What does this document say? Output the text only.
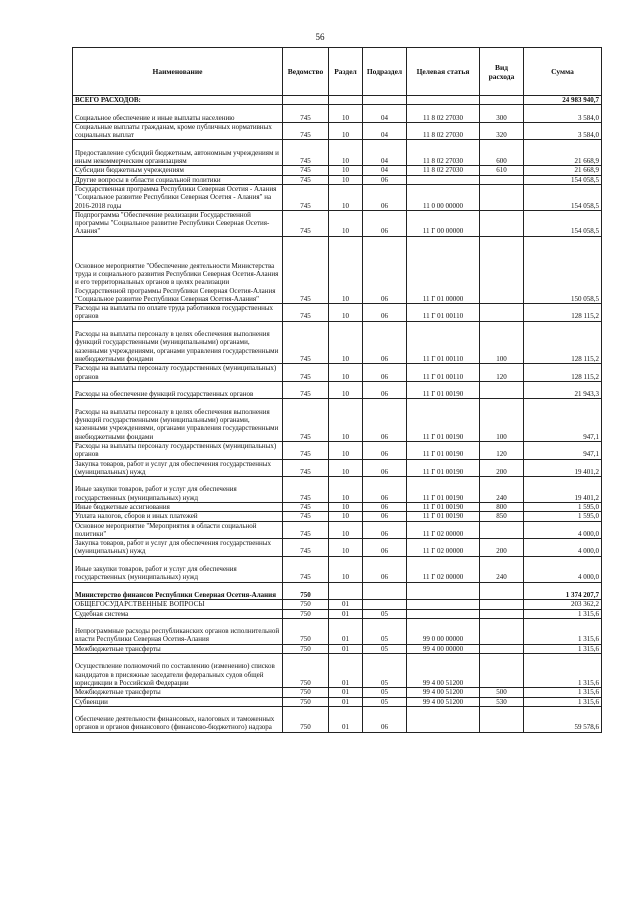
56
Наименование	Ведомство	Раздел	Подраздел	Целевая статья	Вид расхода	Сумма
ВСЕГО РАСХОДОВ:						24 983 940,7
Социальное обеспечение и иные выплаты населению	745	10	04	11 8 02 27030	300	3 584,0
Социальные выплаты гражданам, кроме публичных нормативных социальных выплат	745	10	04	11 8 02 27030	320	3 584,0
Предоставление субсидий бюджетным, автономным учреждениям и иным некоммерческим организациям	745	10	04	11 8 02 27030	600	21 668,9
Субсидии бюджетным учреждениям	745	10	04	11 8 02 27030	610	21 668,9
Другие вопросы в области социальной политики	745	10	06			154 058,5
Государственная программа Республики Северная Осетия - Алания "Социальное развитие Республики Северная Осетия - Алания" на 2016-2018 годы	745	10	06	11 0 00 00000		154 058,5
Подпрограмма "Обеспечение реализации Государственной программы "Социальное развитие Республики Северная Осетия-Алания"	745	10	06	11 Г 00 00000		154 058,5
Основное мероприятие "Обеспечение деятельности Министерства труда и социального развития Республики Северная Осетия-Алания и его территориальных органов в целях реализации Государственной программы Республики Северная Осетия-Алания "Социальное развитие Республики Северная Осетия-Алания"	745	10	06	11 Г 01 00000		150 058,5
Расходы на выплаты по оплате труда работников государственных органов	745	10	06	11 Г 01 00110		128 115,2
Расходы на выплаты персоналу в целях обеспечения выполнения функций государственными (муниципальными) органами, казенными учреждениями, органами управления государственными внебюджетными фондами	745	10	06	11 Г 01 00110	100	128 115,2
Расходы на выплаты персоналу государственных (муниципальных) органов	745	10	06	11 Г 01 00110	120	128 115,2
Расходы на обеспечение функций государственных органов	745	10	06	11 Г 01 00190		21 943,3
Расходы на выплаты персоналу в целях обеспечения выполнения функций государственными (муниципальными) органами, казенными учреждениями, органами управления государственными внебюджетными фондами	745	10	06	11 Г 01 00190	100	947,1
Расходы на выплаты персоналу государственных (муниципальных) органов	745	10	06	11 Г 01 00190	120	947,1
Закупка товаров, работ и услуг для обеспечения государственных (муниципальных) нужд	745	10	06	11 Г 01 00190	200	19 401,2
Иные закупки товаров, работ и услуг для обеспечения государственных (муниципальных) нужд	745	10	06	11 Г 01 00190	240	19 401,2
Иные бюджетные ассигнования	745	10	06	11 Г 01 00190	800	1 595,0
Уплата налогов, сборов и иных платежей	745	10	06	11 Г 01 00190	850	1 595,0
Основное мероприятие "Мероприятия в области социальной политики"	745	10	06	11 Г 02 00000		4 000,0
Закупка товаров, работ и услуг для обеспечения государственных (муниципальных) нужд	745	10	06	11 Г 02 00000	200	4 000,0
Иные закупки товаров, работ и услуг для обеспечения государственных (муниципальных) нужд	745	10	06	11 Г 02 00000	240	4 000,0
Министерство финансов Республики Северная Осетия-Алания	750					1 374 207,7
ОБЩЕГОСУДАРСТВЕННЫЕ ВОПРОСЫ	750	01				203 362,2
Судебная система	750	01	05			1 315,6
Непрограммные расходы республиканских органов исполнительной власти Республики Северная Осетия-Алания	750	01	05	99 0 00 00000		1 315,6
Межбюджетные трансферты	750	01	05	99 4 00 00000		1 315,6
Осуществление полномочий по составлению (изменению) списков кандидатов в присяжные заседатели федеральных судов общей юрисдикции в Российской Федерации	750	01	05	99 4 00 51200		1 315,6
Межбюджетные трансферты	750	01	05	99 4 00 51200	500	1 315,6
Субвенции	750	01	05	99 4 00 51200	530	1 315,6
Обеспечение деятельности финансовых, налоговых и таможенных органов и органов финансового (финансово-бюджетного) надзора	750	01	06			59 578,6
